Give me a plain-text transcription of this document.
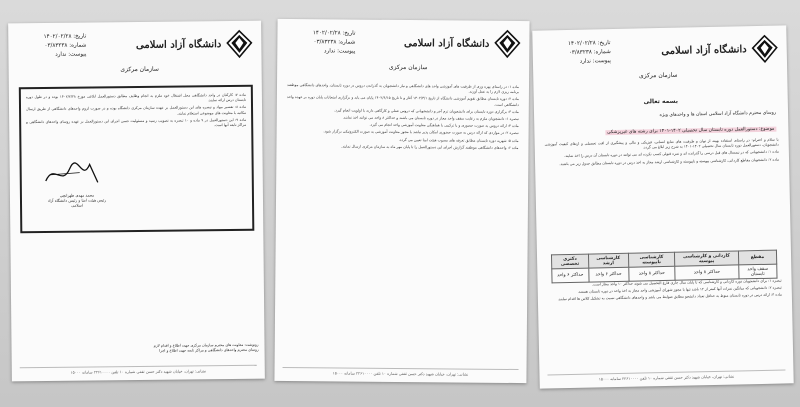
تاریخ: ۱۴۰۲/۰۲/۲۸
شماره: ۰۳/۸۳۲۳۸
پیوست: ندارد
دانشگاه آزاد اسلامی
سازمان مرکزی

ماده ۷: کارکنان در واحد دانشگاهی محل اشتغال خود ملزم به انجام وظایف مطابق دستورالعمل ابلاغی مورخ ۱۴۰۲/۲/۲۸ بوده و در طول دوره تابستان درس ارائه نمایند.

ماده ۸: تفسیر مواد و تبصره های این دستورالعمل بر عهده سازمان مرکزی دانشگاه بوده و در صورت لزوم واحدهای دانشگاهی از طریق ارسال مکاتبه با معاونت های موضوعی استعلام نمایند.

ماده ۹: این دستورالعمل در ۹ ماده و ۱۰ تبصره به تصویب رسید و مسئولیت حسن اجرای این دستورالعمل بر عهده روسای واحدهای دانشگاهی و مراکز تابعه آنها است.

محمد مهدی طهرانچی
رئیس هیئت امنا و رئیس دانشگاه آزاد اسلامی
رونوشت: معاونت های محترم سازمان مرکزی جهت اطلاع و اقدام لازم
روسای محترم واحدهای دانشگاهی و مراکز تابعه جهت اطلاع و اجرا
نشانی: تهران، خیابان شهید دکتر حسن ثقفی شماره ۱۰ تلفن ۲۲۶۱۰۰۰۰ سامانه ۱۵۰۰۰
تاریخ: ۱۴۰۲/۰۲/۲۸
شماره: ۰۳/۸۳۲۳۸
پیوست: ندارد
دانشگاه آزاد اسلامی
سازمان مرکزی

ماده ۱: در راستای بهره وری از ظرفیت های آموزشی واحد های دانشگاهی و نیاز دانشجویان به گذراندن دروس در دوره تابستان، واحدهای دانشگاهی موظفند برنامه ریزی لازم را به عمل آورند.

ماده ۲: دوره تابستان مطابق تقویم آموزشی دانشگاه از تاریخ ۱۴۰۲/۴/۱ آغاز و تا تاریخ ۱۴۰۲/۶/۱۵ پایان می یابد و برگزاری امتحانات پایان دوره بر عهده واحد دانشگاهی است.

ماده ۳: برگزاری دوره تابستان برای دانشجویان ترم آخر و دانشجویانی که دروس عملی و کارگاهی دارند با اولویت انجام گیرد.

تبصره ۱: دانشجویان ملزم به رعایت سقف واحد مجاز در دوره تابستان می باشند و حداکثر ۸ واحد می توانند اخذ نمایند.

ماده ۴: ارائه دروس به صورت حضوری و یا ترکیبی با هماهنگی معاونت آموزشی واحد انجام می گیرد.

تبصره ۲: در مواردی که ارائه درس به صورت حضوری امکان پذیر نباشد با مجوز معاونت آموزشی به صورت الکترونیکی برگزار شود.

ماده ۵: شهریه دوره تابستان مطابق تعرفه های مصوب هیئت امنا تعیین می گردد.

ماده ۶: واحدهای دانشگاهی موظفند گزارش اجرای این دستورالعمل را تا پایان مهر ماه به سازمان مرکزی ارسال نمایند.

نشانی: تهران، خیابان شهید دکتر حسن ثقفی شماره ۱۰ تلفن ۲۲۶۱۰۰۰۰ سامانه ۱۵۰۰۰
تاریخ: ۱۴۰۲/۰۲/۲۸
شماره: ۰۳/۸۳۲۳۸
پیوست: ندارد
دانشگاه آزاد اسلامی
سازمان مرکزی
بسمه تعالی
روسای محترم دانشگاه آزاد اسلامی استان ها و واحدهای ویژه
موضوع: دستورالعمل دوره تابستان سال تحصیلی ۱۴۰۲-۱۴۰۱ برای رشته های غیرپزشکی

با سلام و احترام: در راستای استفاده بهینه از توان و ظرفیت های منابع انسانی، فیزیکی و مالی و پیشگیری از افت تحصیلی و ارتقای کیفیت آموزشی دانشجویان، دستورالعمل دوره تابستان سال تحصیلی ۱۴۰۲-۱۴۰۱ به شرح زیر ابلاغ می گردد.

ماده ۱: دانشجویانی که در نیمسال های قبل درسی را گذرانده اند و نمره قبولی کسب نکرده اند می توانند در دوره تابستان آن درس را اخذ نمایند.

ماده ۲: دانشجویان مقاطع کاردانی، کارشناسی پیوسته و ناپیوسته و کارشناسی ارشد مجاز به اخذ درس در دوره تابستان مطابق جدول زیر می باشند.

مقطع	کاردانی و کارشناسی پیوسته	کارشناسی ناپیوسته	کارشناسی ارشد	دکتری تخصصی
سقف واحد تابستان	حداکثر ۸ واحد	حداکثر ۸ واحد	حداکثر ۶ واحد	حداکثر ۶ واحد

تبصره ۱: برای دانشجویان دوره کاردانی و کارشناسی که تا پایان سال جاری فارغ التحصیل می شوند حداکثر ۱۰ واحد مجاز است.

تبصره ۲: دانشجویانی که میانگین نمرات آنها کمتر از ۱۲ باشد تنها با مجوز شورای آموزشی واحد مجاز به اخذ واحد در دوره تابستان هستند.

ماده ۳: ارائه درس در دوره تابستان منوط به حداقل تعداد دانشجو مطابق ضوابط می باشد و واحدهای دانشگاهی نسبت به تشکیل کلاس ها اقدام نمایند.

نشانی: تهران، خیابان شهید دکتر حسن ثقفی شماره ۱۰ تلفن ۲۲۶۱۰۰۰۰ سامانه ۱۵۰۰۰
